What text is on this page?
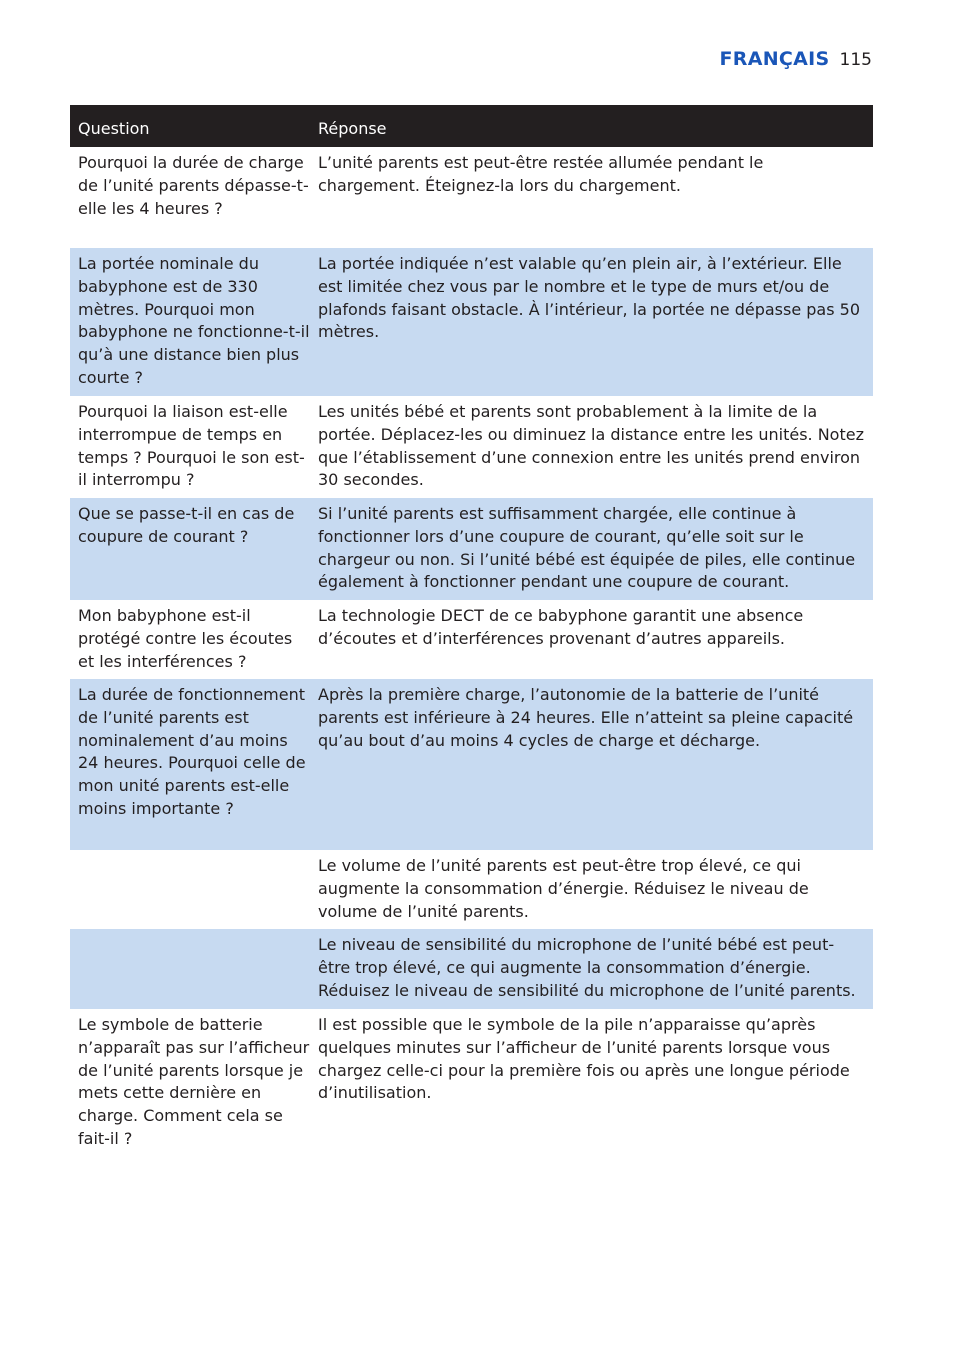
FRANÇAIS 115
Question	Réponse
Pourquoi la durée de charge de l’unité parents dépasse-t-elle les 4 heures ?
L’unité parents est peut-être restée allumée pendant le chargement. Éteignez-la lors du chargement.
La portée nominale du babyphone est de 330 mètres. Pourquoi mon babyphone ne fonctionne-t-il qu’à une distance bien plus courte ?
La portée indiquée n’est valable qu’en plein air, à l’extérieur. Elle est limitée chez vous par le nombre et le type de murs et/ou de plafonds faisant obstacle. À l’intérieur, la portée ne dépasse pas 50 mètres.
Pourquoi la liaison est-elle interrompue de temps en temps ? Pourquoi le son est-il interrompu ?
Les unités bébé et parents sont probablement à la limite de la portée. Déplacez-les ou diminuez la distance entre les unités. Notez que l’établissement d’une connexion entre les unités prend environ 30 secondes.
Que se passe-t-il en cas de coupure de courant ?
Si l’unité parents est suffisamment chargée, elle continue à fonctionner lors d’une coupure de courant, qu’elle soit sur le chargeur ou non. Si l’unité bébé est équipée de piles, elle continue également à fonctionner pendant une coupure de courant.
Mon babyphone est-il protégé contre les écoutes et les interférences ?
La technologie DECT de ce babyphone garantit une absence d’écoutes et d’interférences provenant d’autres appareils.
La durée de fonctionnement de l’unité parents est nominalement d’au moins 24 heures. Pourquoi celle de mon unité parents est-elle moins importante ?
Après la première charge, l’autonomie de la batterie de l’unité parents est inférieure à 24 heures. Elle n’atteint sa pleine capacité qu’au bout d’au moins 4 cycles de charge et décharge.
Le volume de l’unité parents est peut-être trop élevé, ce qui augmente la consommation d’énergie. Réduisez le niveau de volume de l’unité parents.
Le niveau de sensibilité du microphone de l’unité bébé est peut-être trop élevé, ce qui augmente la consommation d’énergie. Réduisez le niveau de sensibilité du microphone de l’unité parents.
Le symbole de batterie n’apparaît pas sur l’afficheur de l’unité parents lorsque je mets cette dernière en charge. Comment cela se fait-il ?
Il est possible que le symbole de la pile n’apparaisse qu’après quelques minutes sur l’afficheur de l’unité parents lorsque vous chargez celle-ci pour la première fois ou après une longue période d’inutilisation.
